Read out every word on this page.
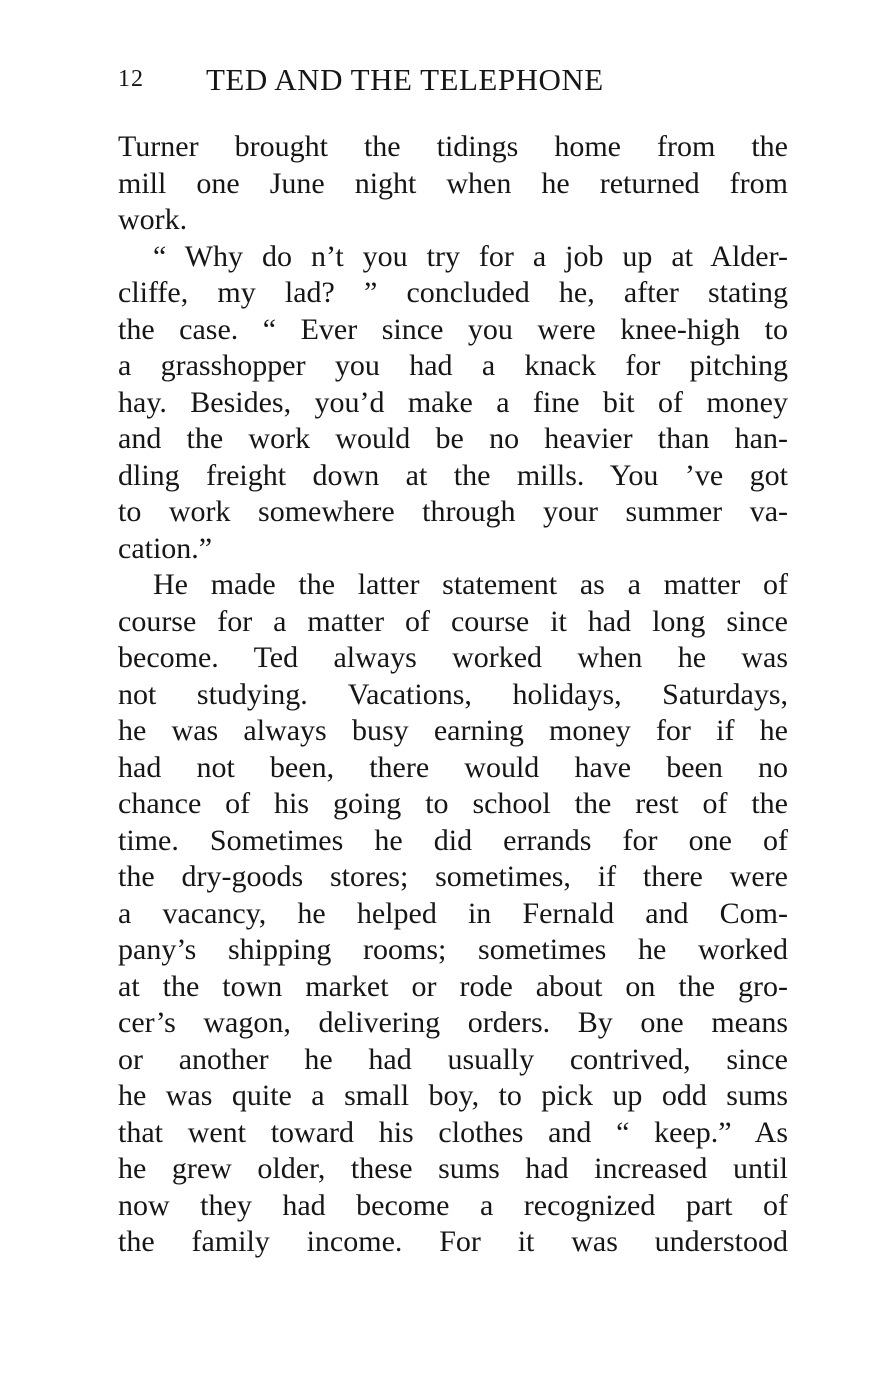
12 TED AND THE TELEPHONE
Turner brought the tidings home from the
mill one June night when he returned from
work.
“ Why do n’t you try for a job up at Alder-
cliffe, my lad? ” concluded he, after stating
the case. “ Ever since you were knee-high to
a grasshopper you had a knack for pitching
hay. Besides, you’d make a fine bit of money
and the work would be no heavier than han-
dling freight down at the mills. You ’ve got
to work somewhere through your summer va-
cation.”
He made the latter statement as a matter of
course for a matter of course it had long since
become. Ted always worked when he was
not studying. Vacations, holidays, Saturdays,
he was always busy earning money for if he
had not been, there would have been no
chance of his going to school the rest of the
time. Sometimes he did errands for one of
the dry-goods stores; sometimes, if there were
a vacancy, he helped in Fernald and Com-
pany’s shipping rooms; sometimes he worked
at the town market or rode about on the gro-
cer’s wagon, delivering orders. By one means
or another he had usually contrived, since
he was quite a small boy, to pick up odd sums
that went toward his clothes and “ keep.” As
he grew older, these sums had increased until
now they had become a recognized part of
the family income. For it was understood
